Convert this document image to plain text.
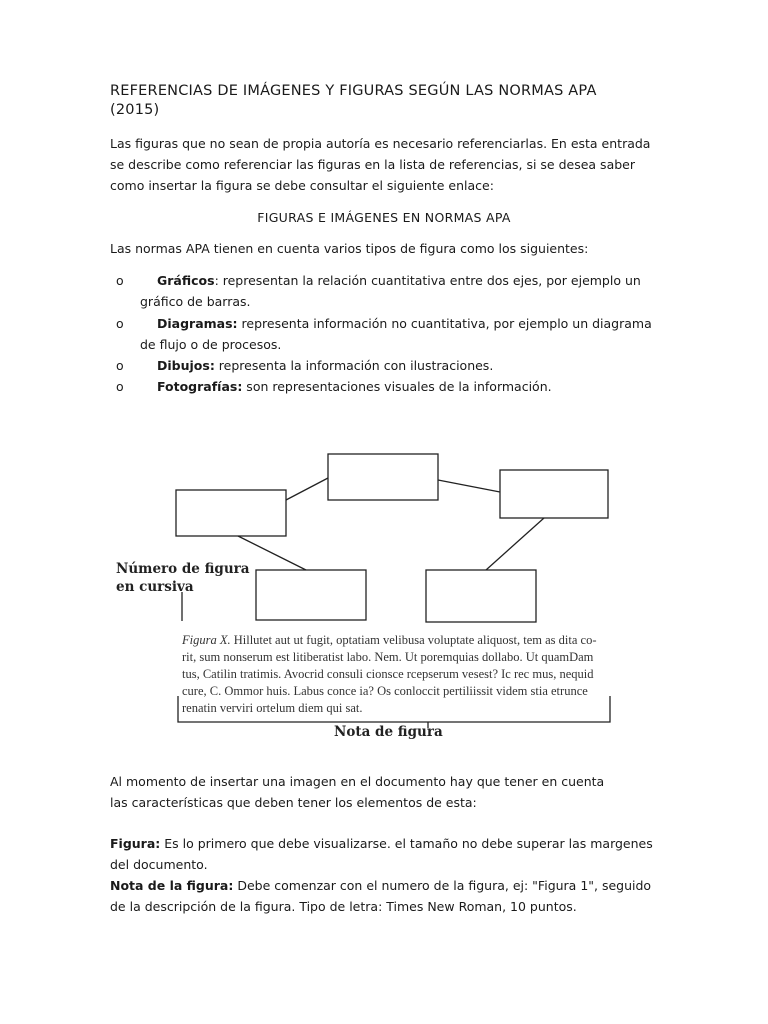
REFERENCIAS DE IMÁGENES Y FIGURAS SEGÚN LAS NORMAS APA (2015)
Las figuras que no sean de propia autoría es necesario referenciarlas. En esta entrada
se describe como referenciar las figuras en la lista de referencias, si se desea saber
como insertar la figura se debe consultar el siguiente enlace:
FIGURAS E IMÁGENES EN NORMAS APA
Las normas APA tienen en cuenta varios tipos de figura como los siguientes:
o	Gráficos: representan la relación cuantitativa entre dos ejes, por ejemplo un
gráfico de barras.
o	Diagramas: representa información no cuantitativa, por ejemplo un diagrama
de flujo o de procesos.
o	Dibujos: representa la información con ilustraciones.
o	Fotografías: son representaciones visuales de la información.
Número de figura
en cursiva
Figura X. Hillutet aut ut fugit, optatiam velibusa voluptate aliquost, tem as dita co-
rit, sum nonserum est litiberatist labo. Nem. Ut poremquias dollabo. Ut quamDam
tus, Catilin tratimis. Avocrid consuli cionsce rcepserum vesest? Ic rec mus, nequid
cure, C. Ommor huis. Labus conce ia? Os conloccit pertiliissit videm stia etrunce
renatin verviri ortelum diem qui sat.
Nota de figura
Al momento de insertar una imagen en el documento hay que tener en cuenta
las características que deben tener los elementos de esta:
Figura: Es lo primero que debe visualizarse. el tamaño no debe superar las margenes
del documento.
Nota de la figura: Debe comenzar con el numero de la figura, ej: "Figura 1", seguido
de la descripción de la figura. Tipo de letra: Times New Roman, 10 puntos.
